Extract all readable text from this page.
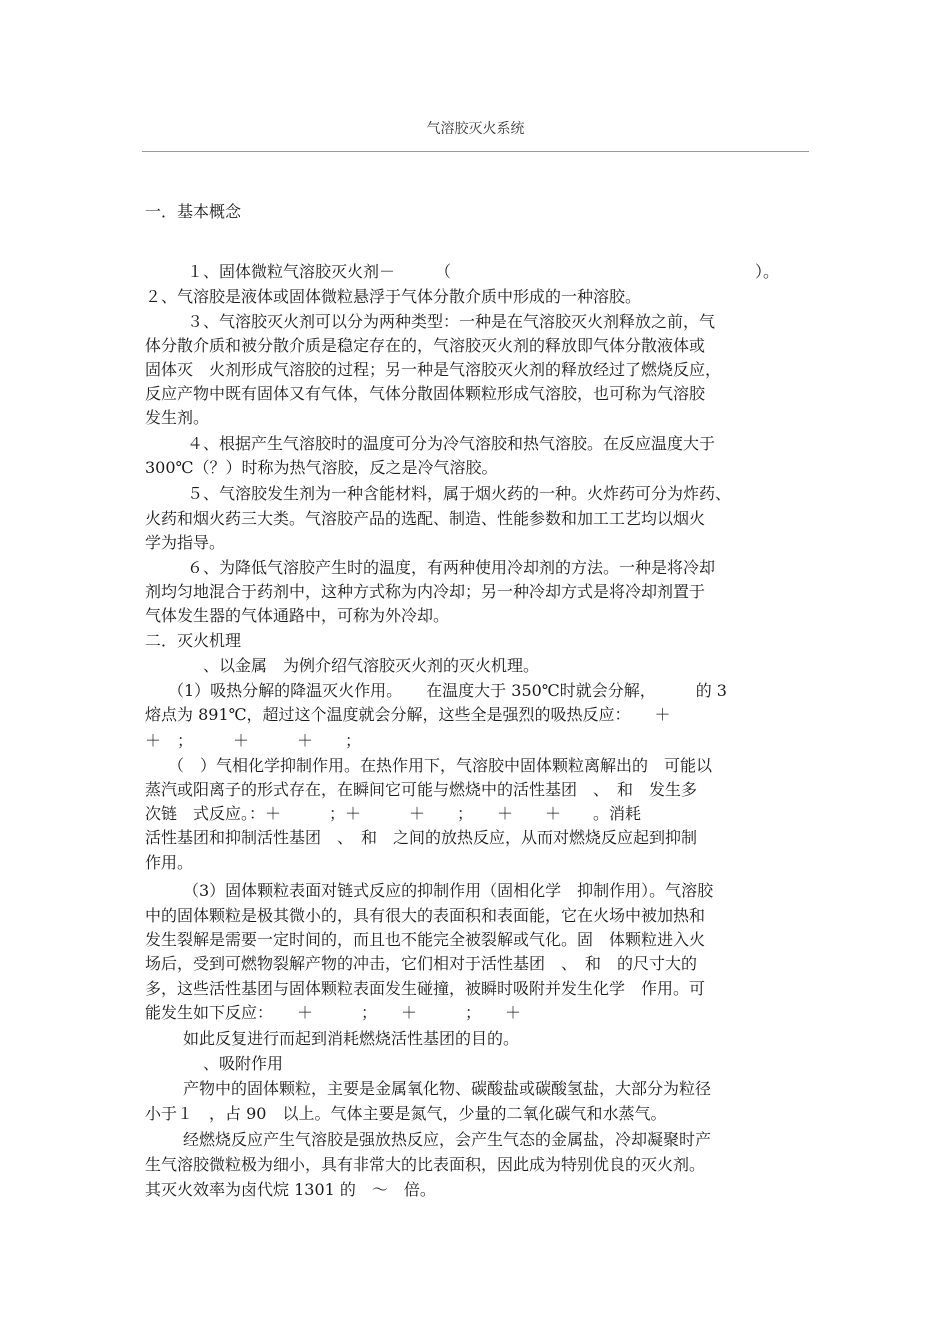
气溶胶灭火系统
一．基本概念
１、固体微粒气溶胶灭火剂－　　　（　　　　　　　　　　　　　　　　　　　）。
２、气溶胶是液体或固体微粒悬浮于气体分散介质中形成的一种溶胶。
３、气溶胶灭火剂可以分为两种类型：一种是在气溶胶灭火剂释放之前，气
体分散介质和被分散介质是稳定存在的，气溶胶灭火剂的释放即气体分散液体或
固体灭　火剂形成气溶胶的过程；另一种是气溶胶灭火剂的释放经过了燃烧反应，
反应产物中既有固体又有气体，气体分散固体颗粒形成气溶胶，也可称为气溶胶
发生剂。
４、根据产生气溶胶时的温度可分为冷气溶胶和热气溶胶。在反应温度大于
300℃（？）时称为热气溶胶，反之是冷气溶胶。
５、气溶胶发生剂为一种含能材料，属于烟火药的一种。火炸药可分为炸药、
火药和烟火药三大类。气溶胶产品的选配、制造、性能参数和加工工艺均以烟火
学为指导。
６、为降低气溶胶产生时的温度，有两种使用冷却剂的方法。一种是将冷却
剂均匀地混合于药剂中，这种方式称为内冷却；另一种冷却方式是将冷却剂置于
气体发生器的气体通路中，可称为外冷却。
二．灭火机理
、以金属　为例介绍气溶胶灭火剂的灭火机理。
（1）吸热分解的降温灭火作用。　　在温度大于 350℃时就会分解，　　　的 3
熔点为 891℃，超过这个温度就会分解，这些全是强烈的吸热反应：　　＋
＋　；　　　＋　　　＋　　；
（　）气相化学抑制作用。在热作用下，气溶胶中固体颗粒离解出的　可能以
蒸汽或阳离子的形式存在，在瞬间它可能与燃烧中的活性基团　、　和　发生多
次链　式反应。：＋　　　；＋　　　＋　　；　　＋　　＋　　。消耗
活性基团和抑制活性基团　、　和　之间的放热反应，从而对燃烧反应起到抑制
作用。
（3）固体颗粒表面对链式反应的抑制作用（固相化学　抑制作用）。气溶胶
中的固体颗粒是极其微小的，具有很大的表面积和表面能，它在火场中被加热和
发生裂解是需要一定时间的，而且也不能完全被裂解或气化。固　体颗粒进入火
场后，受到可燃物裂解产物的冲击，它们相对于活性基团　、　和　的尺寸大的
多，这些活性基团与固体颗粒表面发生碰撞，被瞬时吸附并发生化学　作用。可
能发生如下反应：　　＋　　　；　　＋　　　；　　＋
如此反复进行而起到消耗燃烧活性基团的目的。
、吸附作用
产物中的固体颗粒，主要是金属氧化物、碳酸盐或碳酸氢盐，大部分为粒径
小于１　，占 90　以上。气体主要是氮气，少量的二氧化碳气和水蒸气。
经燃烧反应产生气溶胶是强放热反应，会产生气态的金属盐，冷却凝聚时产
生气溶胶微粒极为细小，具有非常大的比表面积，因此成为特别优良的灭火剂。
其灭火效率为卤代烷 1301 的　～　倍。
